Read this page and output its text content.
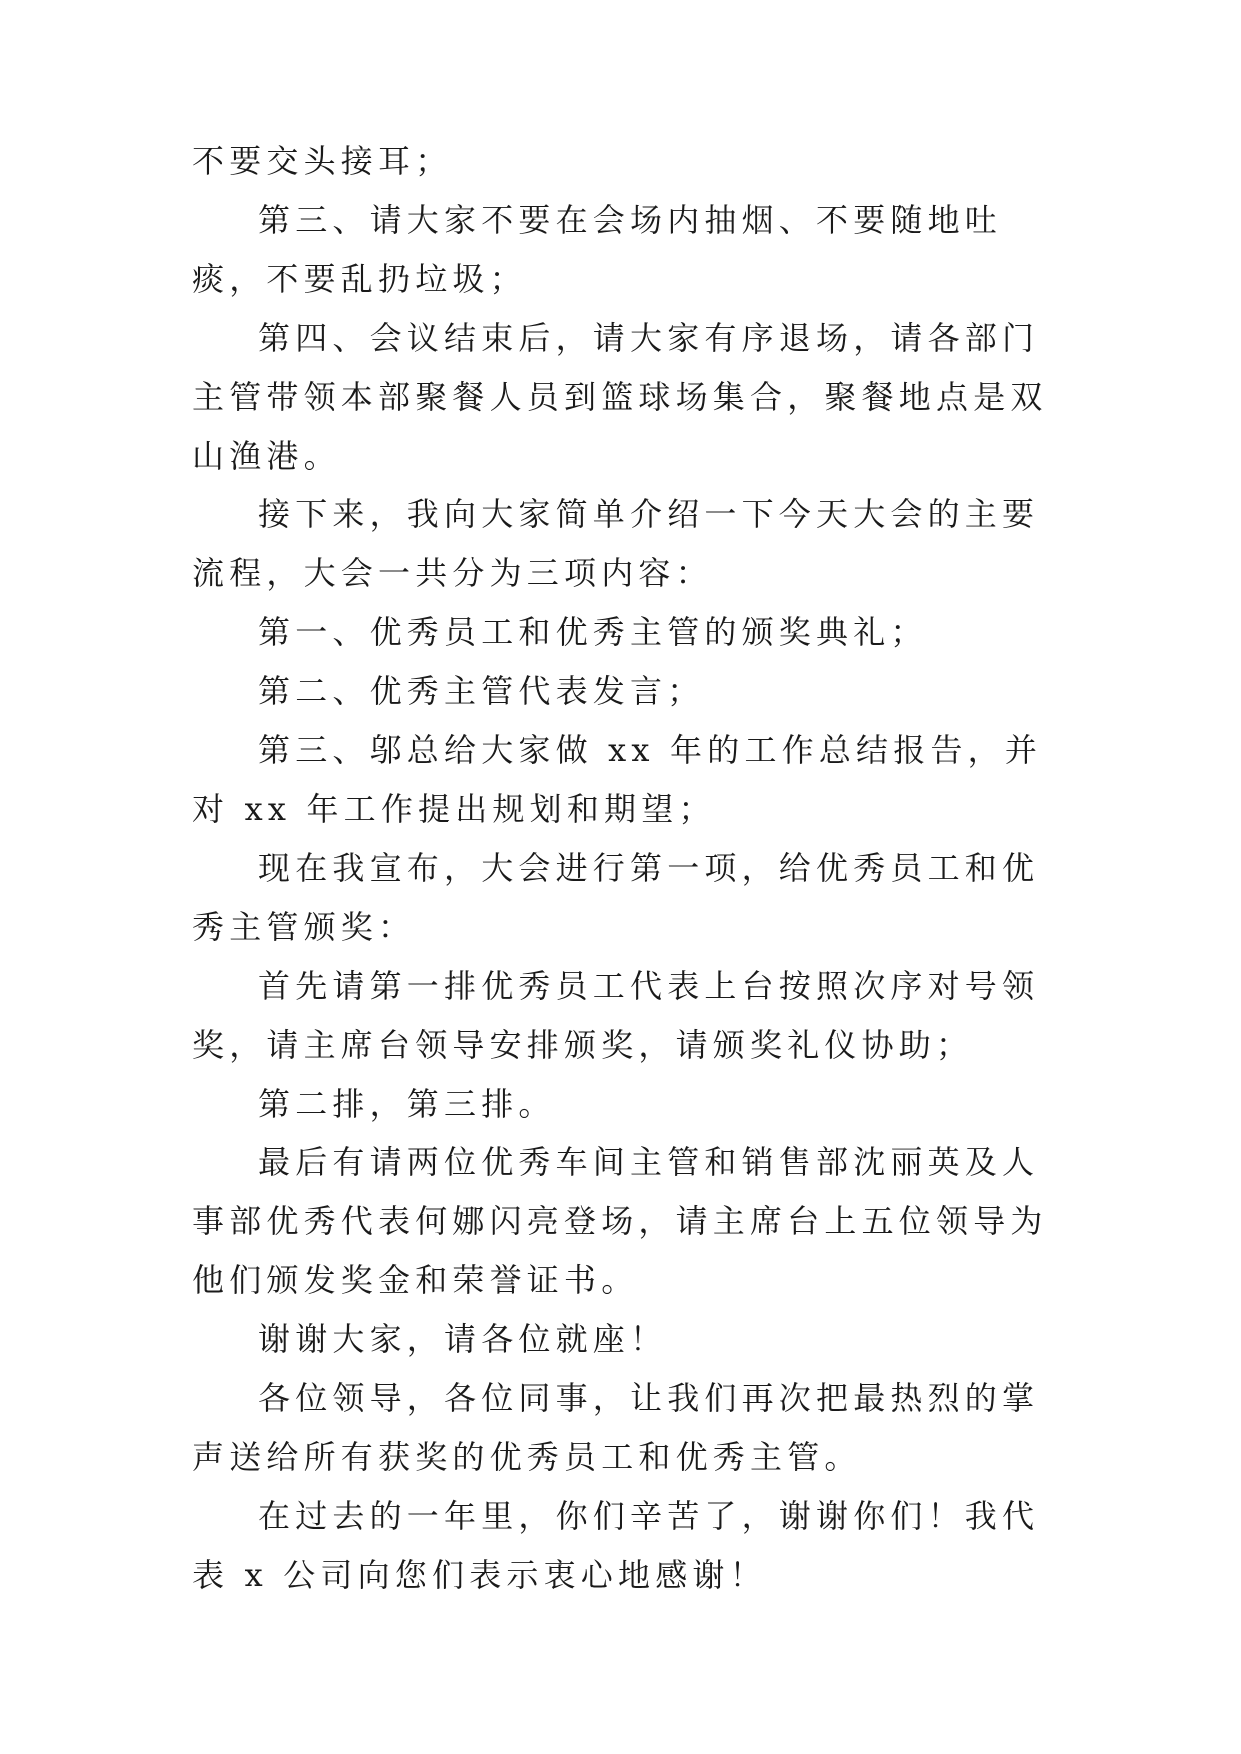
不要交头接耳；

第三、请大家不要在会场内抽烟、不要随地吐痰，不要乱扔垃圾；

第四、会议结束后，请大家有序退场，请各部门主管带领本部聚餐人员到篮球场集合，聚餐地点是双山渔港。

接下来，我向大家简单介绍一下今天大会的主要流程，大会一共分为三项内容：

第一、优秀员工和优秀主管的颁奖典礼；

第二、优秀主管代表发言；

第三、邬总给大家做 xx 年的工作总结报告，并对 xx 年工作提出规划和期望；

现在我宣布，大会进行第一项，给优秀员工和优秀主管颁奖：

首先请第一排优秀员工代表上台按照次序对号领奖，请主席台领导安排颁奖，请颁奖礼仪协助；

第二排，第三排。

最后有请两位优秀车间主管和销售部沈丽英及人事部优秀代表何娜闪亮登场，请主席台上五位领导为他们颁发奖金和荣誉证书。

谢谢大家，请各位就座！

各位领导，各位同事，让我们再次把最热烈的掌声送给所有获奖的优秀员工和优秀主管。

在过去的一年里，你们辛苦了，谢谢你们！我代表 x 公司向您们表示衷心地感谢！
